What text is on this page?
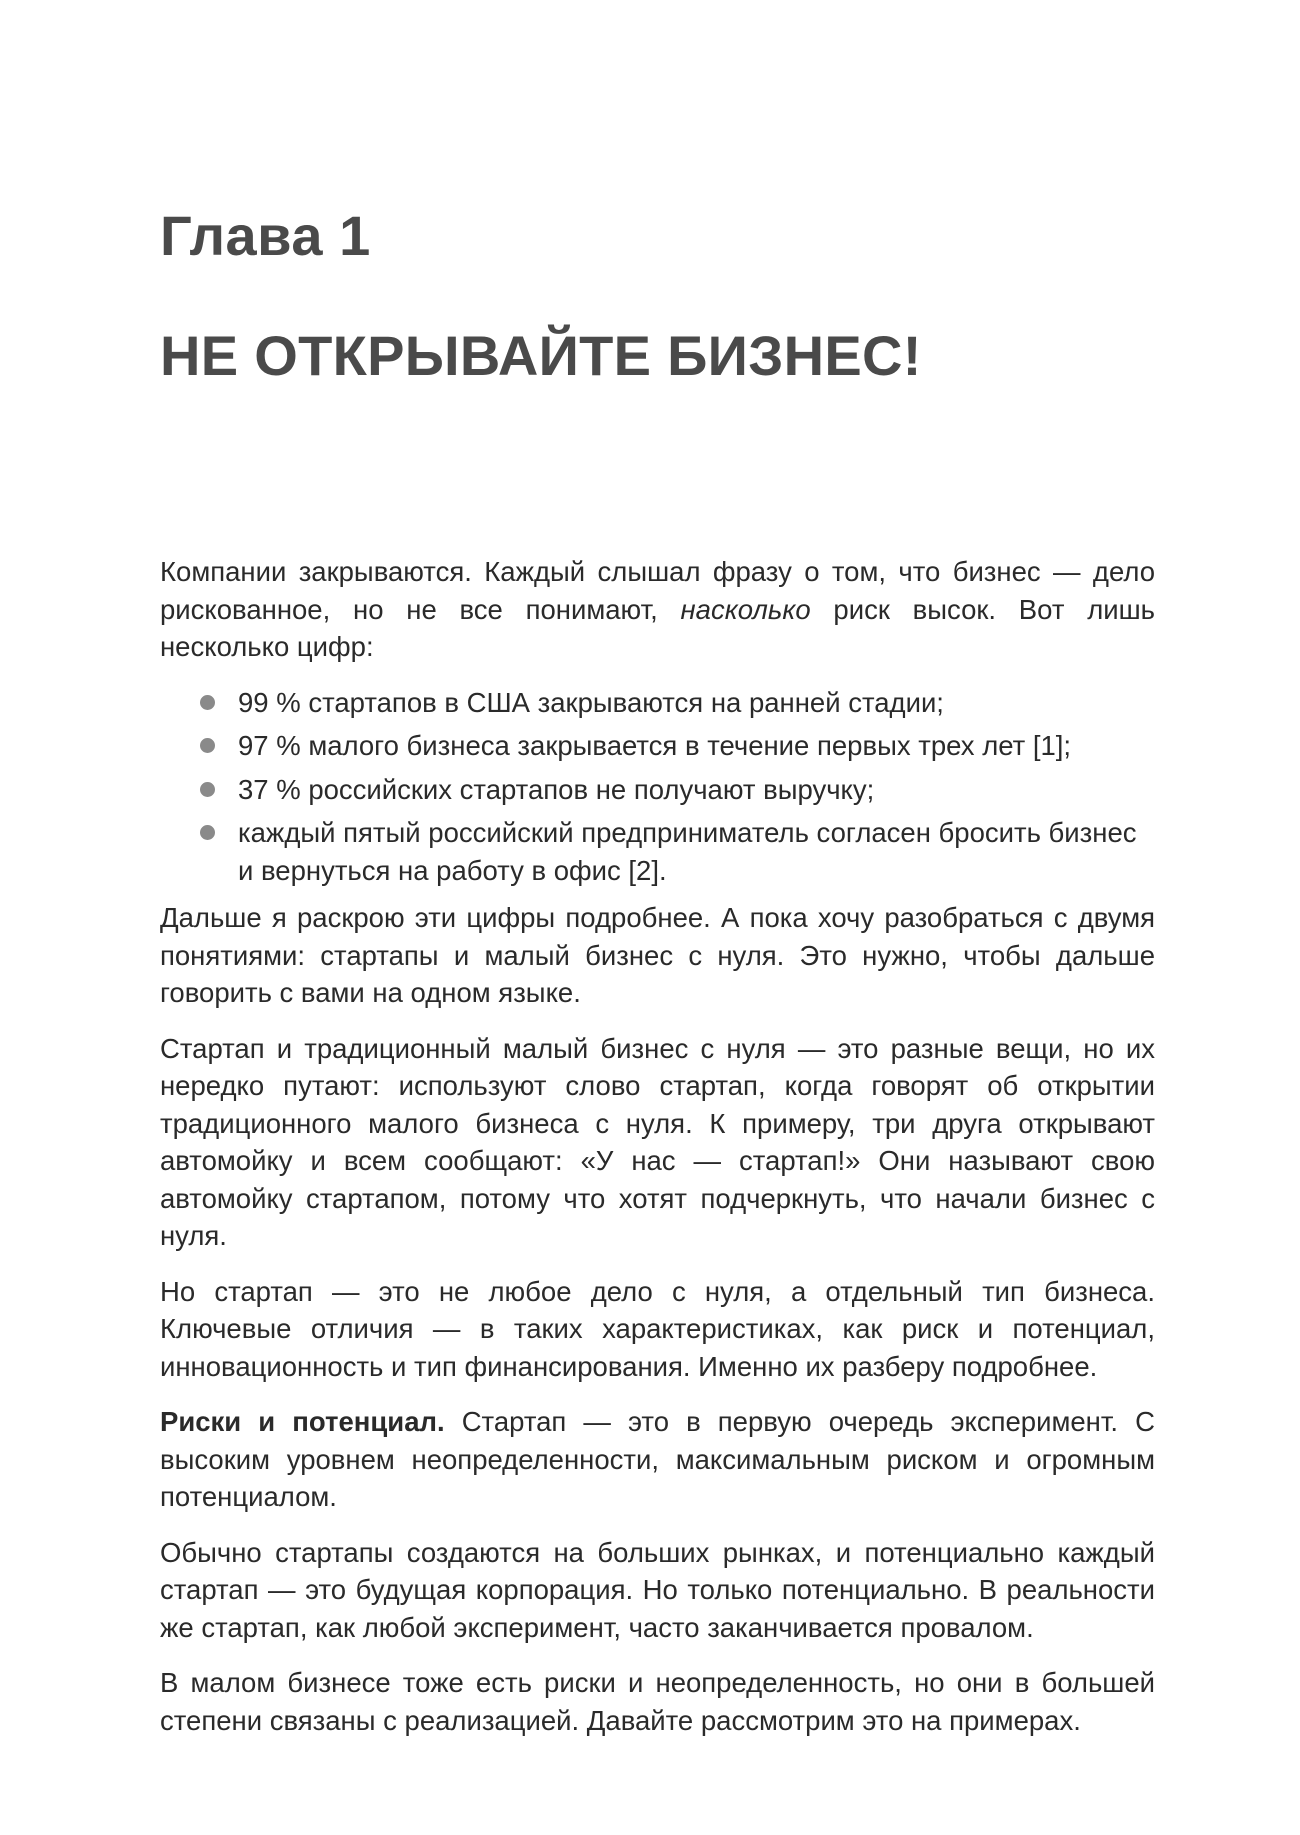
Глава 1
НЕ ОТКРЫВАЙТЕ БИЗНЕС!

Компании закрываются. Каждый слышал фразу о том, что бизнес — дело рискованное, но не все понимают, насколько риск высок. Вот лишь несколько цифр:

99 % стартапов в США закрываются на ранней стадии;
97 % малого бизнеса закрывается в течение первых трех лет [1];
37 % российских стартапов не получают выручку;
каждый пятый российский предприниматель согласен бросить бизнес и вернуться на работу в офис [2].

Дальше я раскрою эти цифры подробнее. А пока хочу разобраться с двумя понятиями: стартапы и малый бизнес с нуля. Это нужно, чтобы дальше говорить с вами на одном языке.

Стартап и традиционный малый бизнес с нуля — это разные вещи, но их нередко путают: используют слово стартап, когда говорят об открытии традиционного малого бизнеса с нуля. К примеру, три друга открывают автомойку и всем сообщают: «У нас — стартап!» Они называют свою автомойку стартапом, потому что хотят подчеркнуть, что начали бизнес с нуля.

Но стартап — это не любое дело с нуля, а отдельный тип бизнеса. Ключевые отличия — в таких характеристиках, как риск и потенциал, инновационность и тип финансирования. Именно их разберу подробнее.

Риски и потенциал. Стартап — это в первую очередь эксперимент. С высоким уровнем неопределенности, максимальным риском и огромным потенциалом.

Обычно стартапы создаются на больших рынках, и потенциально каждый стартап — это будущая корпорация. Но только потенциально. В реальности же стартап, как любой эксперимент, часто заканчивается провалом.

В малом бизнесе тоже есть риски и неопределенность, но они в большей степени связаны с реализацией. Давайте рассмотрим это на примерах.
